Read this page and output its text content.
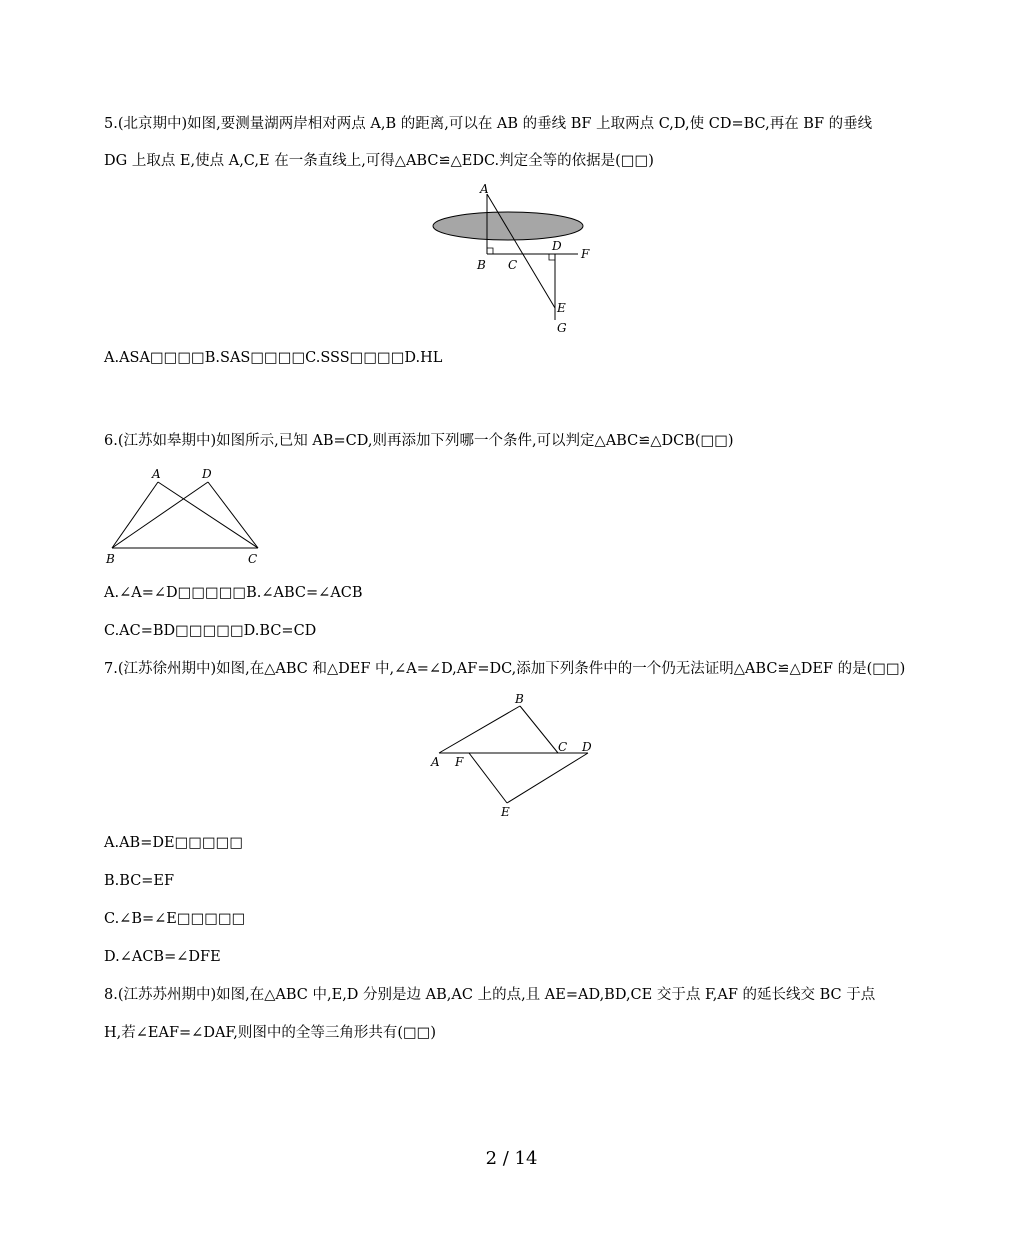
5.(北京期中)如图,要测量湖两岸相对两点 A,B 的距离,可以在 AB 的垂线 BF 上取两点 C,D,使 CD=BC,再在 BF 的垂线
DG 上取点 E,使点 A,C,E 在一条直线上,可得△ABC≌△EDC.判定全等的依据是(□□)
A
B C
D
F
E
G
A.ASA□□□□B.SAS□□□□C.SSS□□□□D.HL
6.(江苏如皋期中)如图所示,已知 AB=CD,则再添加下列哪一个条件,可以判定△ABC≌△DCB(□□)
A	D
B	C
A.∠A=∠D□□□□□B.∠ABC=∠ACB
C.AC=BD□□□□□D.BC=CD
7.(江苏徐州期中)如图,在△ABC 和△DEF 中,∠A=∠D,AF=DC,添加下列条件中的一个仍无法证明△ABC≌△DEF 的是(□□)
B
C D
A F
E
A.AB=DE□□□□□
B.BC=EF
C.∠B=∠E□□□□□
D.∠ACB=∠DFE
8.(江苏苏州期中)如图,在△ABC 中,E,D 分别是边 AB,AC 上的点,且 AE=AD,BD,CE 交于点 F,AF 的延长线交 BC 于点
H,若∠EAF=∠DAF,则图中的全等三角形共有(□□)
2 / 14
